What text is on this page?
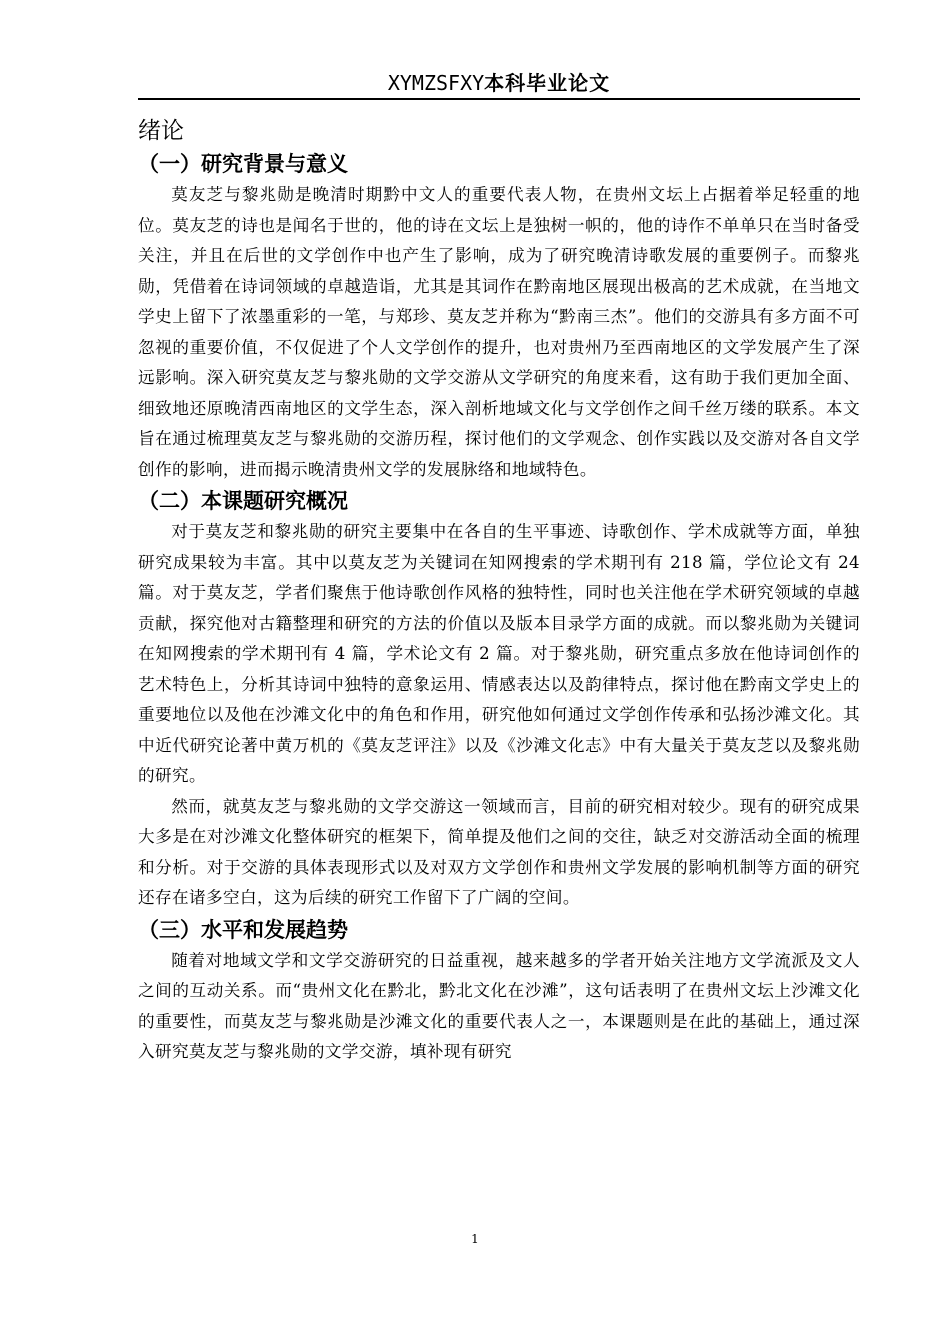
XYMZSFXY本科毕业论文
绪论
（一）研究背景与意义

莫友芝与黎兆勋是晚清时期黔中文人的重要代表人物，在贵州文坛上占据着举足轻重的地位。莫友芝的诗也是闻名于世的，他的诗在文坛上是独树一帜的，他的诗作不单单只在当时备受关注，并且在后世的文学创作中也产生了影响，成为了研究晚清诗歌发展的重要例子。而黎兆勋，凭借着在诗词领域的卓越造诣，尤其是其词作在黔南地区展现出极高的艺术成就，在当地文学史上留下了浓墨重彩的一笔，与郑珍、莫友芝并称为“黔南三杰”。他们的交游具有多方面不可忽视的重要价值，不仅促进了个人文学创作的提升，也对贵州乃至西南地区的文学发展产生了深远影响。深入研究莫友芝与黎兆勋的文学交游从文学研究的角度来看，这有助于我们更加全面、细致地还原晚清西南地区的文学生态，深入剖析地域文化与文学创作之间千丝万缕的联系。本文旨在通过梳理莫友芝与黎兆勋的交游历程，探讨他们的文学观念、创作实践以及交游对各自文学创作的影响，进而揭示晚清贵州文学的发展脉络和地域特色。

（二）本课题研究概况

对于莫友芝和黎兆勋的研究主要集中在各自的生平事迹、诗歌创作、学术成就等方面，单独研究成果较为丰富。其中以莫友芝为关键词在知网搜索的学术期刊有 218 篇，学位论文有 24 篇。对于莫友芝，学者们聚焦于他诗歌创作风格的独特性，同时也关注他在学术研究领域的卓越贡献，探究他对古籍整理和研究的方法的价值以及版本目录学方面的成就。而以黎兆勋为关键词在知网搜索的学术期刊有 4 篇，学术论文有 2 篇。对于黎兆勋，研究重点多放在他诗词创作的艺术特色上，分析其诗词中独特的意象运用、情感表达以及韵律特点，探讨他在黔南文学史上的重要地位以及他在沙滩文化中的角色和作用，研究他如何通过文学创作传承和弘扬沙滩文化。其中近代研究论著中黄万机的《莫友芝评注》以及《沙滩文化志》中有大量关于莫友芝以及黎兆勋的研究。

然而，就莫友芝与黎兆勋的文学交游这一领域而言，目前的研究相对较少。现有的研究成果大多是在对沙滩文化整体研究的框架下，简单提及他们之间的交往，缺乏对交游活动全面的梳理和分析。对于交游的具体表现形式以及对双方文学创作和贵州文学发展的影响机制等方面的研究还存在诸多空白，这为后续的研究工作留下了广阔的空间。

（三）水平和发展趋势

随着对地域文学和文学交游研究的日益重视，越来越多的学者开始关注地方文学流派及文人之间的互动关系。而“贵州文化在黔北，黔北文化在沙滩”，这句话表明了在贵州文坛上沙滩文化的重要性，而莫友芝与黎兆勋是沙滩文化的重要代表人之一，本课题则是在此的基础上，通过深入研究莫友芝与黎兆勋的文学交游，填补现有研究

1
